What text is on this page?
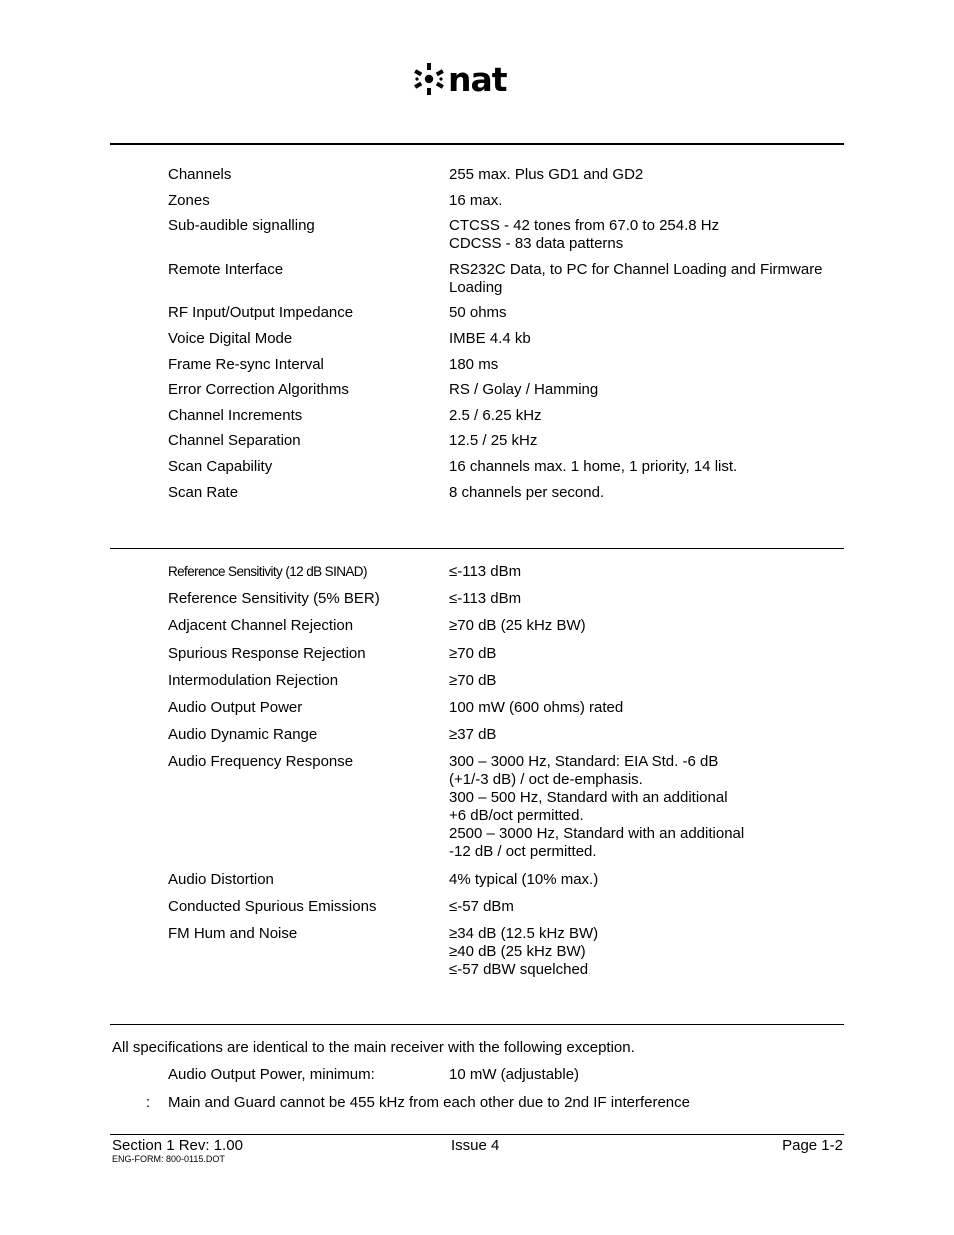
nat
Channels	255 max. Plus GD1 and GD2
Zones	16 max.
Sub-audible signalling	CTCSS - 42 tones from 67.0 to 254.8 Hz
CDCSS - 83 data patterns
Remote Interface	RS232C Data, to PC for Channel Loading and Firmware
Loading
RF Input/Output Impedance	50 ohms
Voice Digital Mode	IMBE 4.4 kb
Frame Re-sync Interval	180 ms
Error Correction Algorithms	RS / Golay / Hamming
Channel Increments	2.5 / 6.25 kHz
Channel Separation	12.5 / 25 kHz
Scan Capability	16 channels max. 1 home, 1 priority, 14 list.
Scan Rate	8 channels per second.
Reference Sensitivity (12 dB SINAD)	≤-113 dBm
Reference Sensitivity (5% BER)	≤-113 dBm
Adjacent Channel Rejection	≥70 dB (25 kHz BW)
Spurious Response Rejection	≥70 dB
Intermodulation Rejection	≥70 dB
Audio Output Power	100 mW (600 ohms) rated
Audio Dynamic Range	≥37 dB
Audio Frequency Response	300 – 3000 Hz, Standard: EIA Std. -6 dB
(+1/-3 dB) / oct de-emphasis.
300 – 500 Hz, Standard with an additional
+6 dB/oct permitted.
2500 – 3000 Hz, Standard with an additional
-12 dB / oct permitted.
Audio Distortion	4% typical (10% max.)
Conducted Spurious Emissions	≤-57 dBm
FM Hum and Noise	≥34 dB (12.5 kHz BW)
≥40 dB (25 kHz BW)
≤-57 dBW squelched
All specifications are identical to the main receiver with the following exception.
Audio Output Power, minimum:	10 mW (adjustable)
:	Main and Guard cannot be 455 kHz from each other due to 2nd IF interference
Section 1 Rev: 1.00	Issue 4	Page 1-2
ENG-FORM: 800-0115.DOT
